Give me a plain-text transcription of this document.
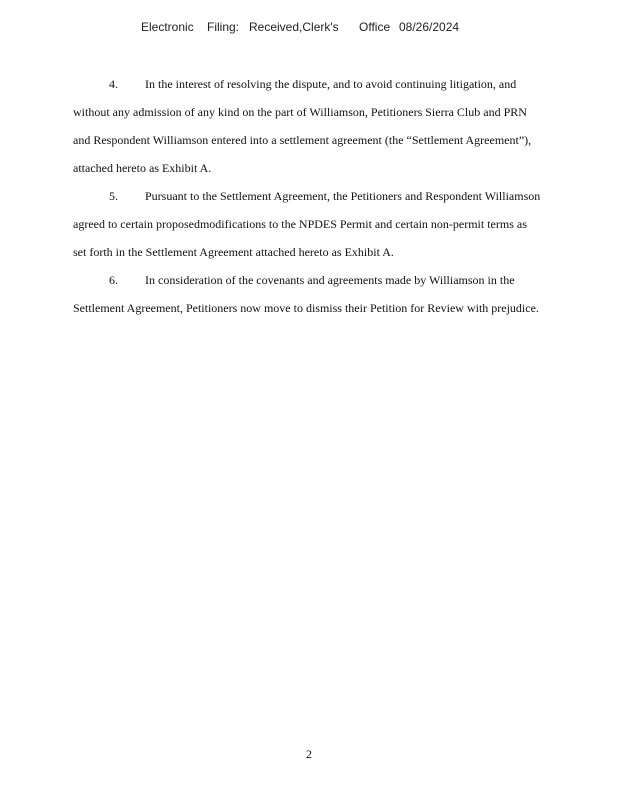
Electronic Filing: Received,Clerk's Office 08/26/2024
4. In the interest of resolving the dispute, and to avoid continuing litigation, and
without any admission of any kind on the part of Williamson, Petitioners Sierra Club and PRN
and Respondent Williamson entered into a settlement agreement (the “Settlement Agreement”),
attached hereto as Exhibit A.
5. Pursuant to the Settlement Agreement, the Petitioners and Respondent Williamson
agreed to certain proposedmodifications to the NPDES Permit and certain non-permit terms as
set forth in the Settlement Agreement attached hereto as Exhibit A.
6. In consideration of the covenants and agreements made by Williamson in the
Settlement Agreement, Petitioners now move to dismiss their Petition for Review with prejudice.
2
